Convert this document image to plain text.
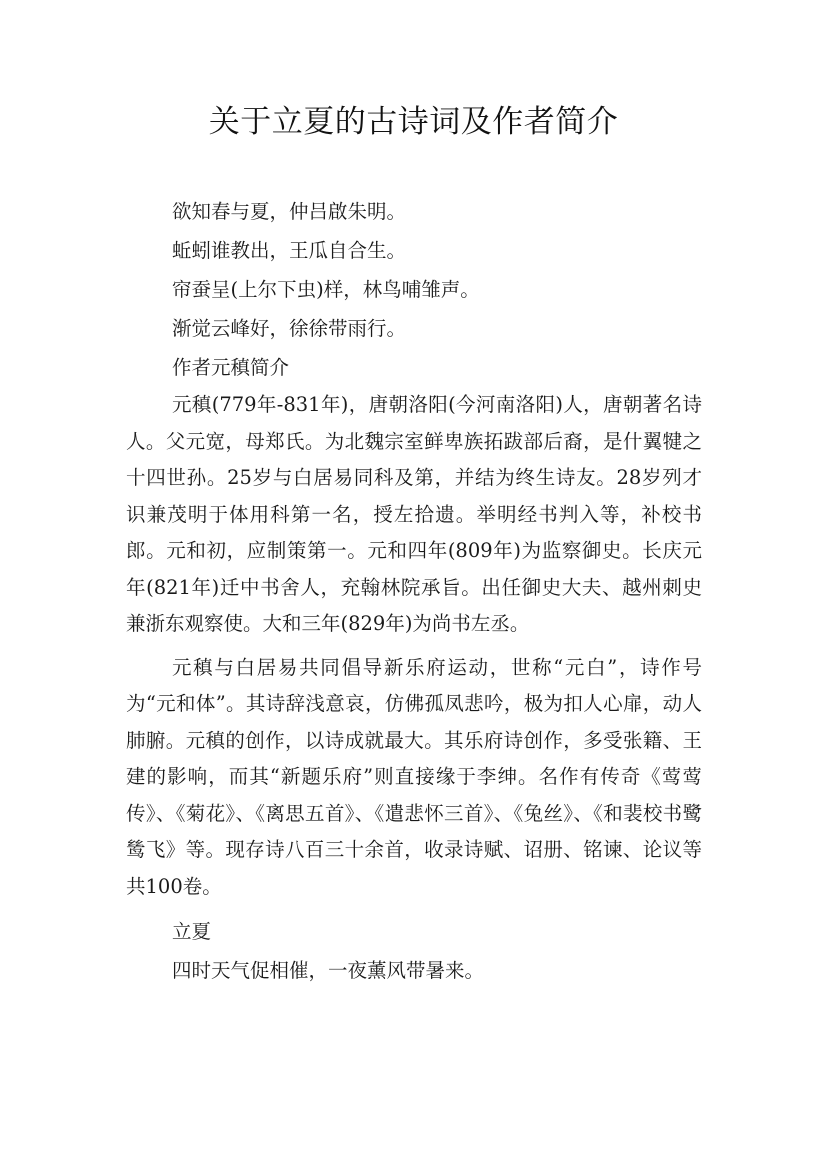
关于立夏的古诗词及作者简介
欲知春与夏，仲吕啟朱明。
蚯蚓谁教出，王瓜自合生。
帘蚕呈(上尔下虫)样，林鸟哺雏声。
渐觉云峰好，徐徐带雨行。
作者元稹简介

元稹(779年-831年)，唐朝洛阳(今河南洛阳)人，唐朝著名诗人。父元宽，母郑氏。为北魏宗室鲜卑族拓跋部后裔，是什翼犍之十四世孙。25岁与白居易同科及第，并结为终生诗友。28岁列才识兼茂明于体用科第一名，授左拾遗。举明经书判入等，补校书郎。元和初，应制策第一。元和四年(809年)为监察御史。长庆元年(821年)迁中书舍人，充翰林院承旨。出任御史大夫、越州刺史兼浙东观察使。大和三年(829年)为尚书左丞。

元稹与白居易共同倡导新乐府运动，世称“元白”，诗作号为“元和体”。其诗辞浅意哀，仿佛孤凤悲吟，极为扣人心扉，动人肺腑。元稹的创作，以诗成就最大。其乐府诗创作，多受张籍、王建的影响，而其“新题乐府”则直接缘于李绅。名作有传奇《莺莺传》、《菊花》、《离思五首》、《遣悲怀三首》、《兔丝》、《和裴校书鹭鸶飞》等。现存诗八百三十余首，收录诗赋、诏册、铭谏、论议等共100卷。

立夏
四时天气促相催，一夜薰风带暑来。
